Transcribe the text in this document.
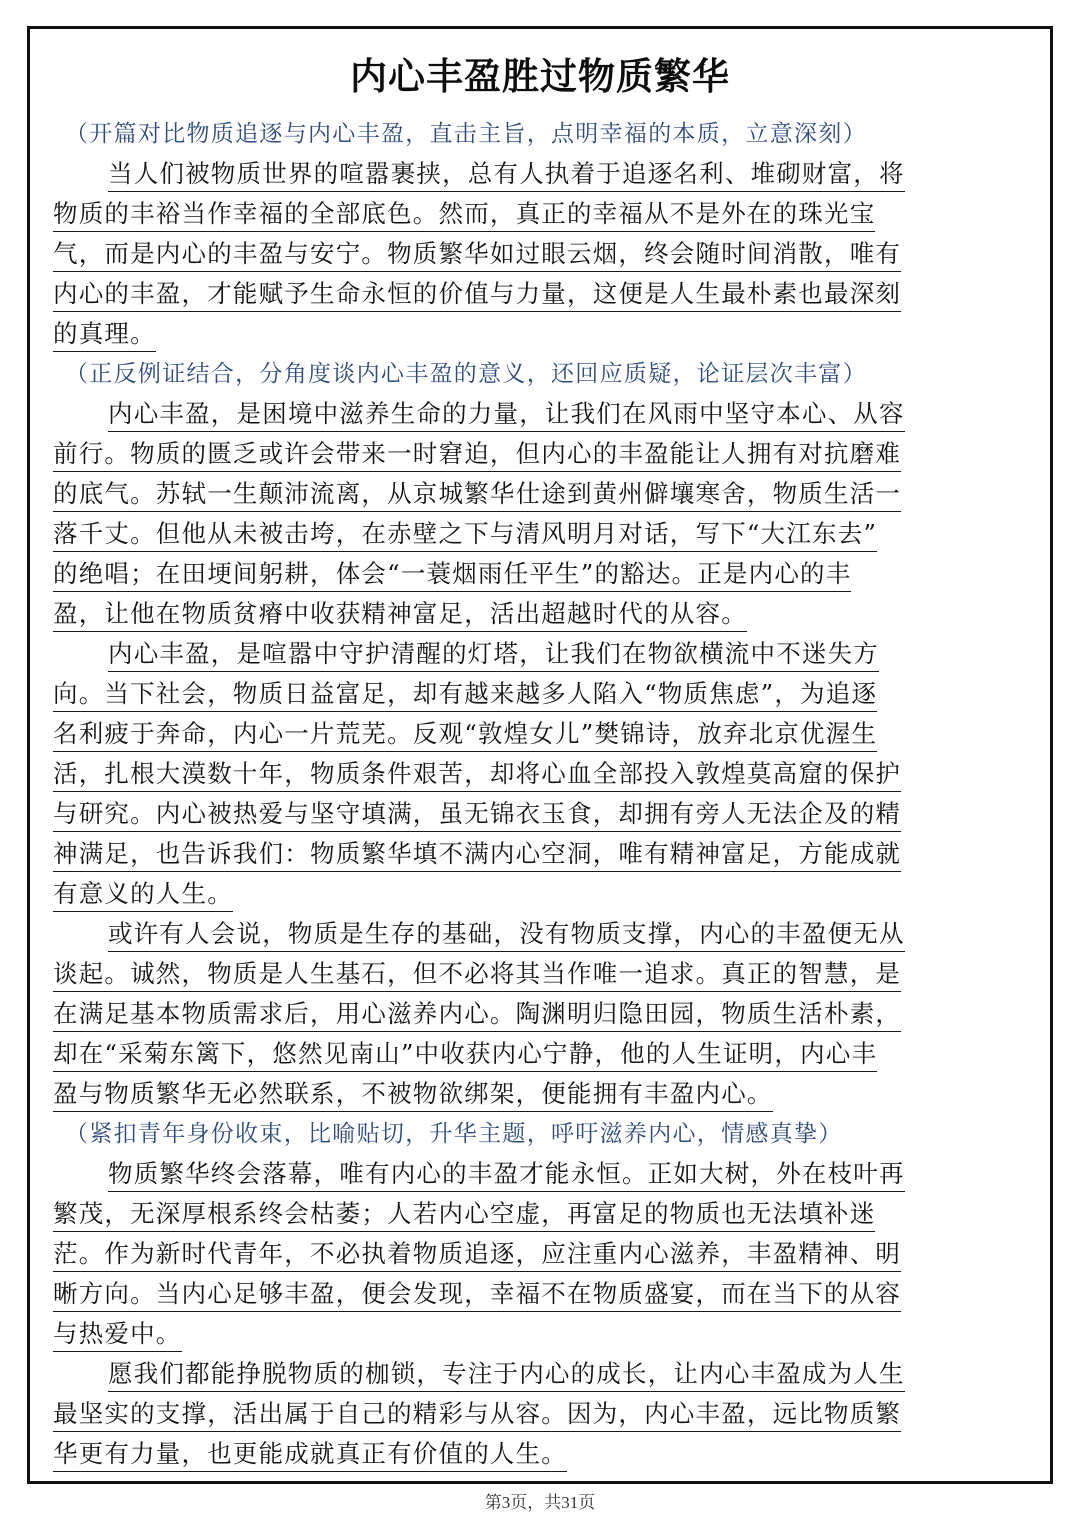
内心丰盈胜过物质繁华

（开篇对比物质追逐与内心丰盈，直击主旨，点明幸福的本质，立意深刻）

当人们被物质世界的喧嚣裹挟，总有人执着于追逐名利、堆砌财富，将
物质的丰裕当作幸福的全部底色。然而，真正的幸福从不是外在的珠光宝
气，而是内心的丰盈与安宁。物质繁华如过眼云烟，终会随时间消散，唯有
内心的丰盈，才能赋予生命永恒的价值与力量，这便是人生最朴素也最深刻
的真理。

（正反例证结合，分角度谈内心丰盈的意义，还回应质疑，论证层次丰富）

内心丰盈，是困境中滋养生命的力量，让我们在风雨中坚守本心、从容
前行。物质的匮乏或许会带来一时窘迫，但内心的丰盈能让人拥有对抗磨难
的底气。苏轼一生颠沛流离，从京城繁华仕途到黄州僻壤寒舍，物质生活一
落千丈。但他从未被击垮，在赤壁之下与清风明月对话，写下“大江东去”
的绝唱；在田埂间躬耕，体会“一蓑烟雨任平生”的豁达。正是内心的丰
盈，让他在物质贫瘠中收获精神富足，活出超越时代的从容。
内心丰盈，是喧嚣中守护清醒的灯塔，让我们在物欲横流中不迷失方
向。当下社会，物质日益富足，却有越来越多人陷入“物质焦虑”，为追逐
名利疲于奔命，内心一片荒芜。反观“敦煌女儿”樊锦诗，放弃北京优渥生
活，扎根大漠数十年，物质条件艰苦，却将心血全部投入敦煌莫高窟的保护
与研究。内心被热爱与坚守填满，虽无锦衣玉食，却拥有旁人无法企及的精
神满足，也告诉我们：物质繁华填不满内心空洞，唯有精神富足，方能成就
有意义的人生。
或许有人会说，物质是生存的基础，没有物质支撑，内心的丰盈便无从
谈起。诚然，物质是人生基石，但不必将其当作唯一追求。真正的智慧，是
在满足基本物质需求后，用心滋养内心。陶渊明归隐田园，物质生活朴素，
却在“采菊东篱下，悠然见南山”中收获内心宁静，他的人生证明，内心丰
盈与物质繁华无必然联系，不被物欲绑架，便能拥有丰盈内心。

（紧扣青年身份收束，比喻贴切，升华主题，呼吁滋养内心，情感真挚）

物质繁华终会落幕，唯有内心的丰盈才能永恒。正如大树，外在枝叶再
繁茂，无深厚根系终会枯萎；人若内心空虚，再富足的物质也无法填补迷
茫。作为新时代青年，不必执着物质追逐，应注重内心滋养，丰盈精神、明
晰方向。当内心足够丰盈，便会发现，幸福不在物质盛宴，而在当下的从容
与热爱中。
愿我们都能挣脱物质的枷锁，专注于内心的成长，让内心丰盈成为人生
最坚实的支撑，活出属于自己的精彩与从容。因为，内心丰盈，远比物质繁
华更有力量，也更能成就真正有价值的人生。
第3页，共31页
